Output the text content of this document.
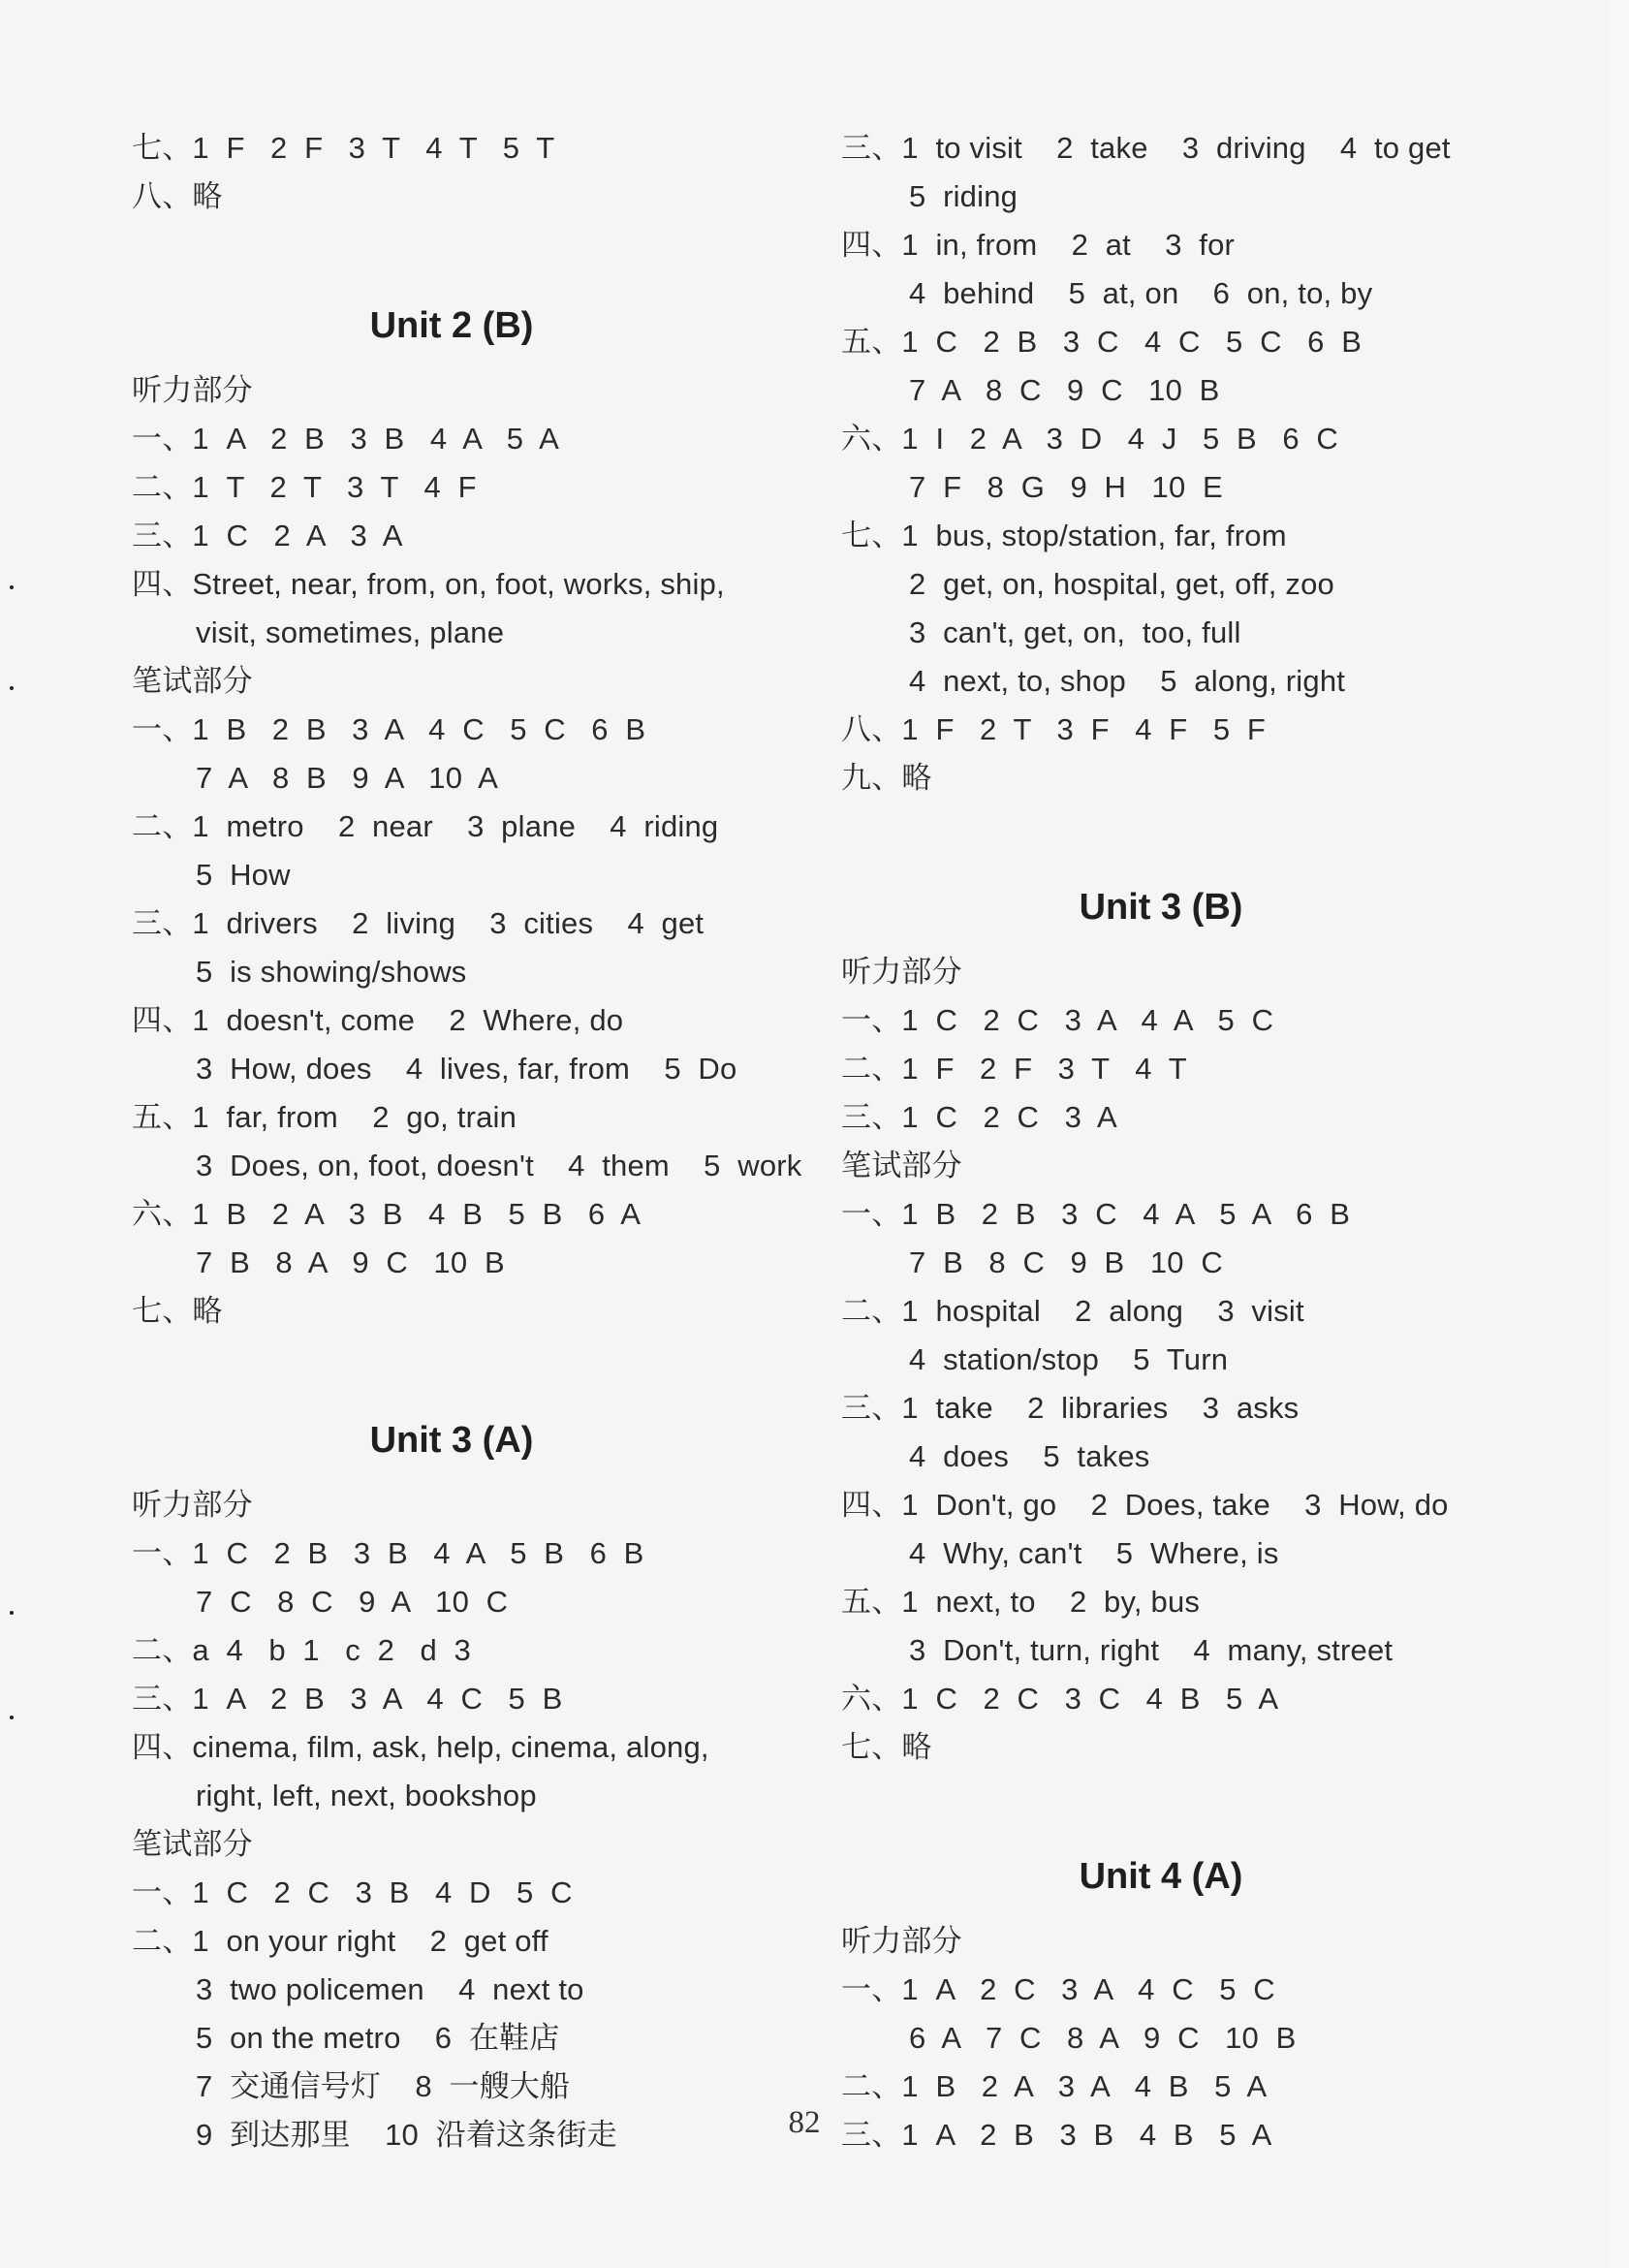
七、1  F   2  F   3  T   4  T   5  T
八、略
Unit 2 (B)
听力部分
一、1  A   2  B   3  B   4  A   5  A
二、1  T   2  T   3  T   4  F
三、1  C   2  A   3  A
四、Street, near, from, on, foot, works, ship,
visit, sometimes, plane
笔试部分
一、1  B   2  B   3  A   4  C   5  C   6  B
7  A   8  B   9  A   10  A
二、1  metro    2  near    3  plane    4  riding
5  How
三、1  drivers    2  living    3  cities    4  get
5  is showing/shows
四、1  doesn't, come    2  Where, do
3  How, does    4  lives, far, from    5  Do
五、1  far, from    2  go, train
3  Does, on, foot, doesn't    4  them    5  work
六、1  B   2  A   3  B   4  B   5  B   6  A
7  B   8  A   9  C   10  B
七、略
Unit 3 (A)
听力部分
一、1  C   2  B   3  B   4  A   5  B   6  B
7  C   8  C   9  A   10  C
二、a  4   b  1   c  2   d  3
三、1  A   2  B   3  A   4  C   5  B
四、cinema, film, ask, help, cinema, along,
right, left, next, bookshop
笔试部分
一、1  C   2  C   3  B   4  D   5  C
二、1  on your right    2  get off
3  two policemen    4  next to
5  on the metro    6  在鞋店
7  交通信号灯    8  一艘大船
9  到达那里    10  沿着这条街走
三、1  to visit    2  take    3  driving    4  to get
5  riding
四、1  in, from    2  at    3  for
4  behind    5  at, on    6  on, to, by
五、1  C   2  B   3  C   4  C   5  C   6  B
7  A   8  C   9  C   10  B
六、1  I   2  A   3  D   4  J   5  B   6  C
7  F   8  G   9  H   10  E
七、1  bus, stop/station, far, from
2  get, on, hospital, get, off, zoo
3  can't, get, on,  too, full
4  next, to, shop    5  along, right
八、1  F   2  T   3  F   4  F   5  F
九、略
Unit 3 (B)
听力部分
一、1  C   2  C   3  A   4  A   5  C
二、1  F   2  F   3  T   4  T
三、1  C   2  C   3  A
笔试部分
一、1  B   2  B   3  C   4  A   5  A   6  B
7  B   8  C   9  B   10  C
二、1  hospital    2  along    3  visit
4  station/stop    5  Turn
三、1  take    2  libraries    3  asks
4  does    5  takes
四、1  Don't, go    2  Does, take    3  How, do
4  Why, can't    5  Where, is
五、1  next, to    2  by, bus
3  Don't, turn, right    4  many, street
六、1  C   2  C   3  C   4  B   5  A
七、略
Unit 4 (A)
听力部分
一、1  A   2  C   3  A   4  C   5  C
6  A   7  C   8  A   9  C   10  B
二、1  B   2  A   3  A   4  B   5  A
三、1  A   2  B   3  B   4  B   5  A
82
